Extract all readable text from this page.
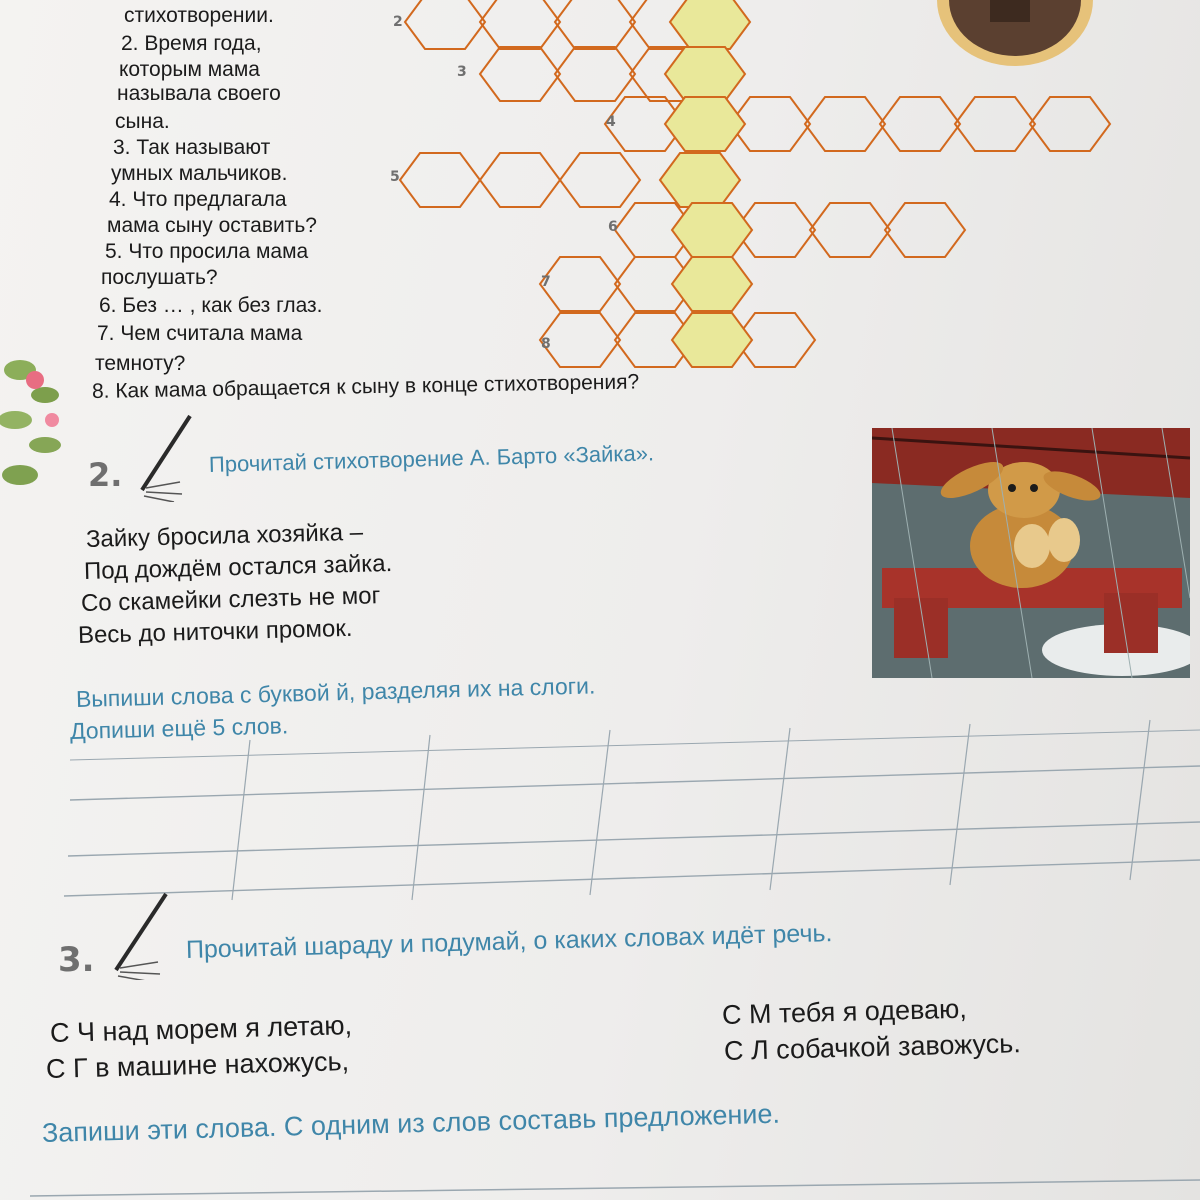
2
3
4
5
6
7
8
стихотворении.
2. Время года,
которым мама
называла своего
сына.
3. Так называют
умных мальчиков.
4. Что предлагала
мама сыну оставить?
5. Что просила мама
послушать?
6. Без … , как без глаз.
7. Чем считала мама
темноту?
8. Как мама обращается к сыну в конце стихотворения?
2.	Прочитай стихотворение А. Барто «Зайка».
Зайку бросила хозяйка –
Под дождём остался зайка.
Со скамейки слезть не мог
Весь до ниточки промок.
Выпиши слова с буквой й, разделяя их на слоги.
Допиши ещё 5 слов.
3.	Прочитай шараду и подумай, о каких словах идёт речь.
С Ч над морем я летаю,
С Г в машине нахожусь,
С М тебя я одеваю,
С Л собачкой завожусь.
Запиши эти слова. С одним из слов составь предложение.
